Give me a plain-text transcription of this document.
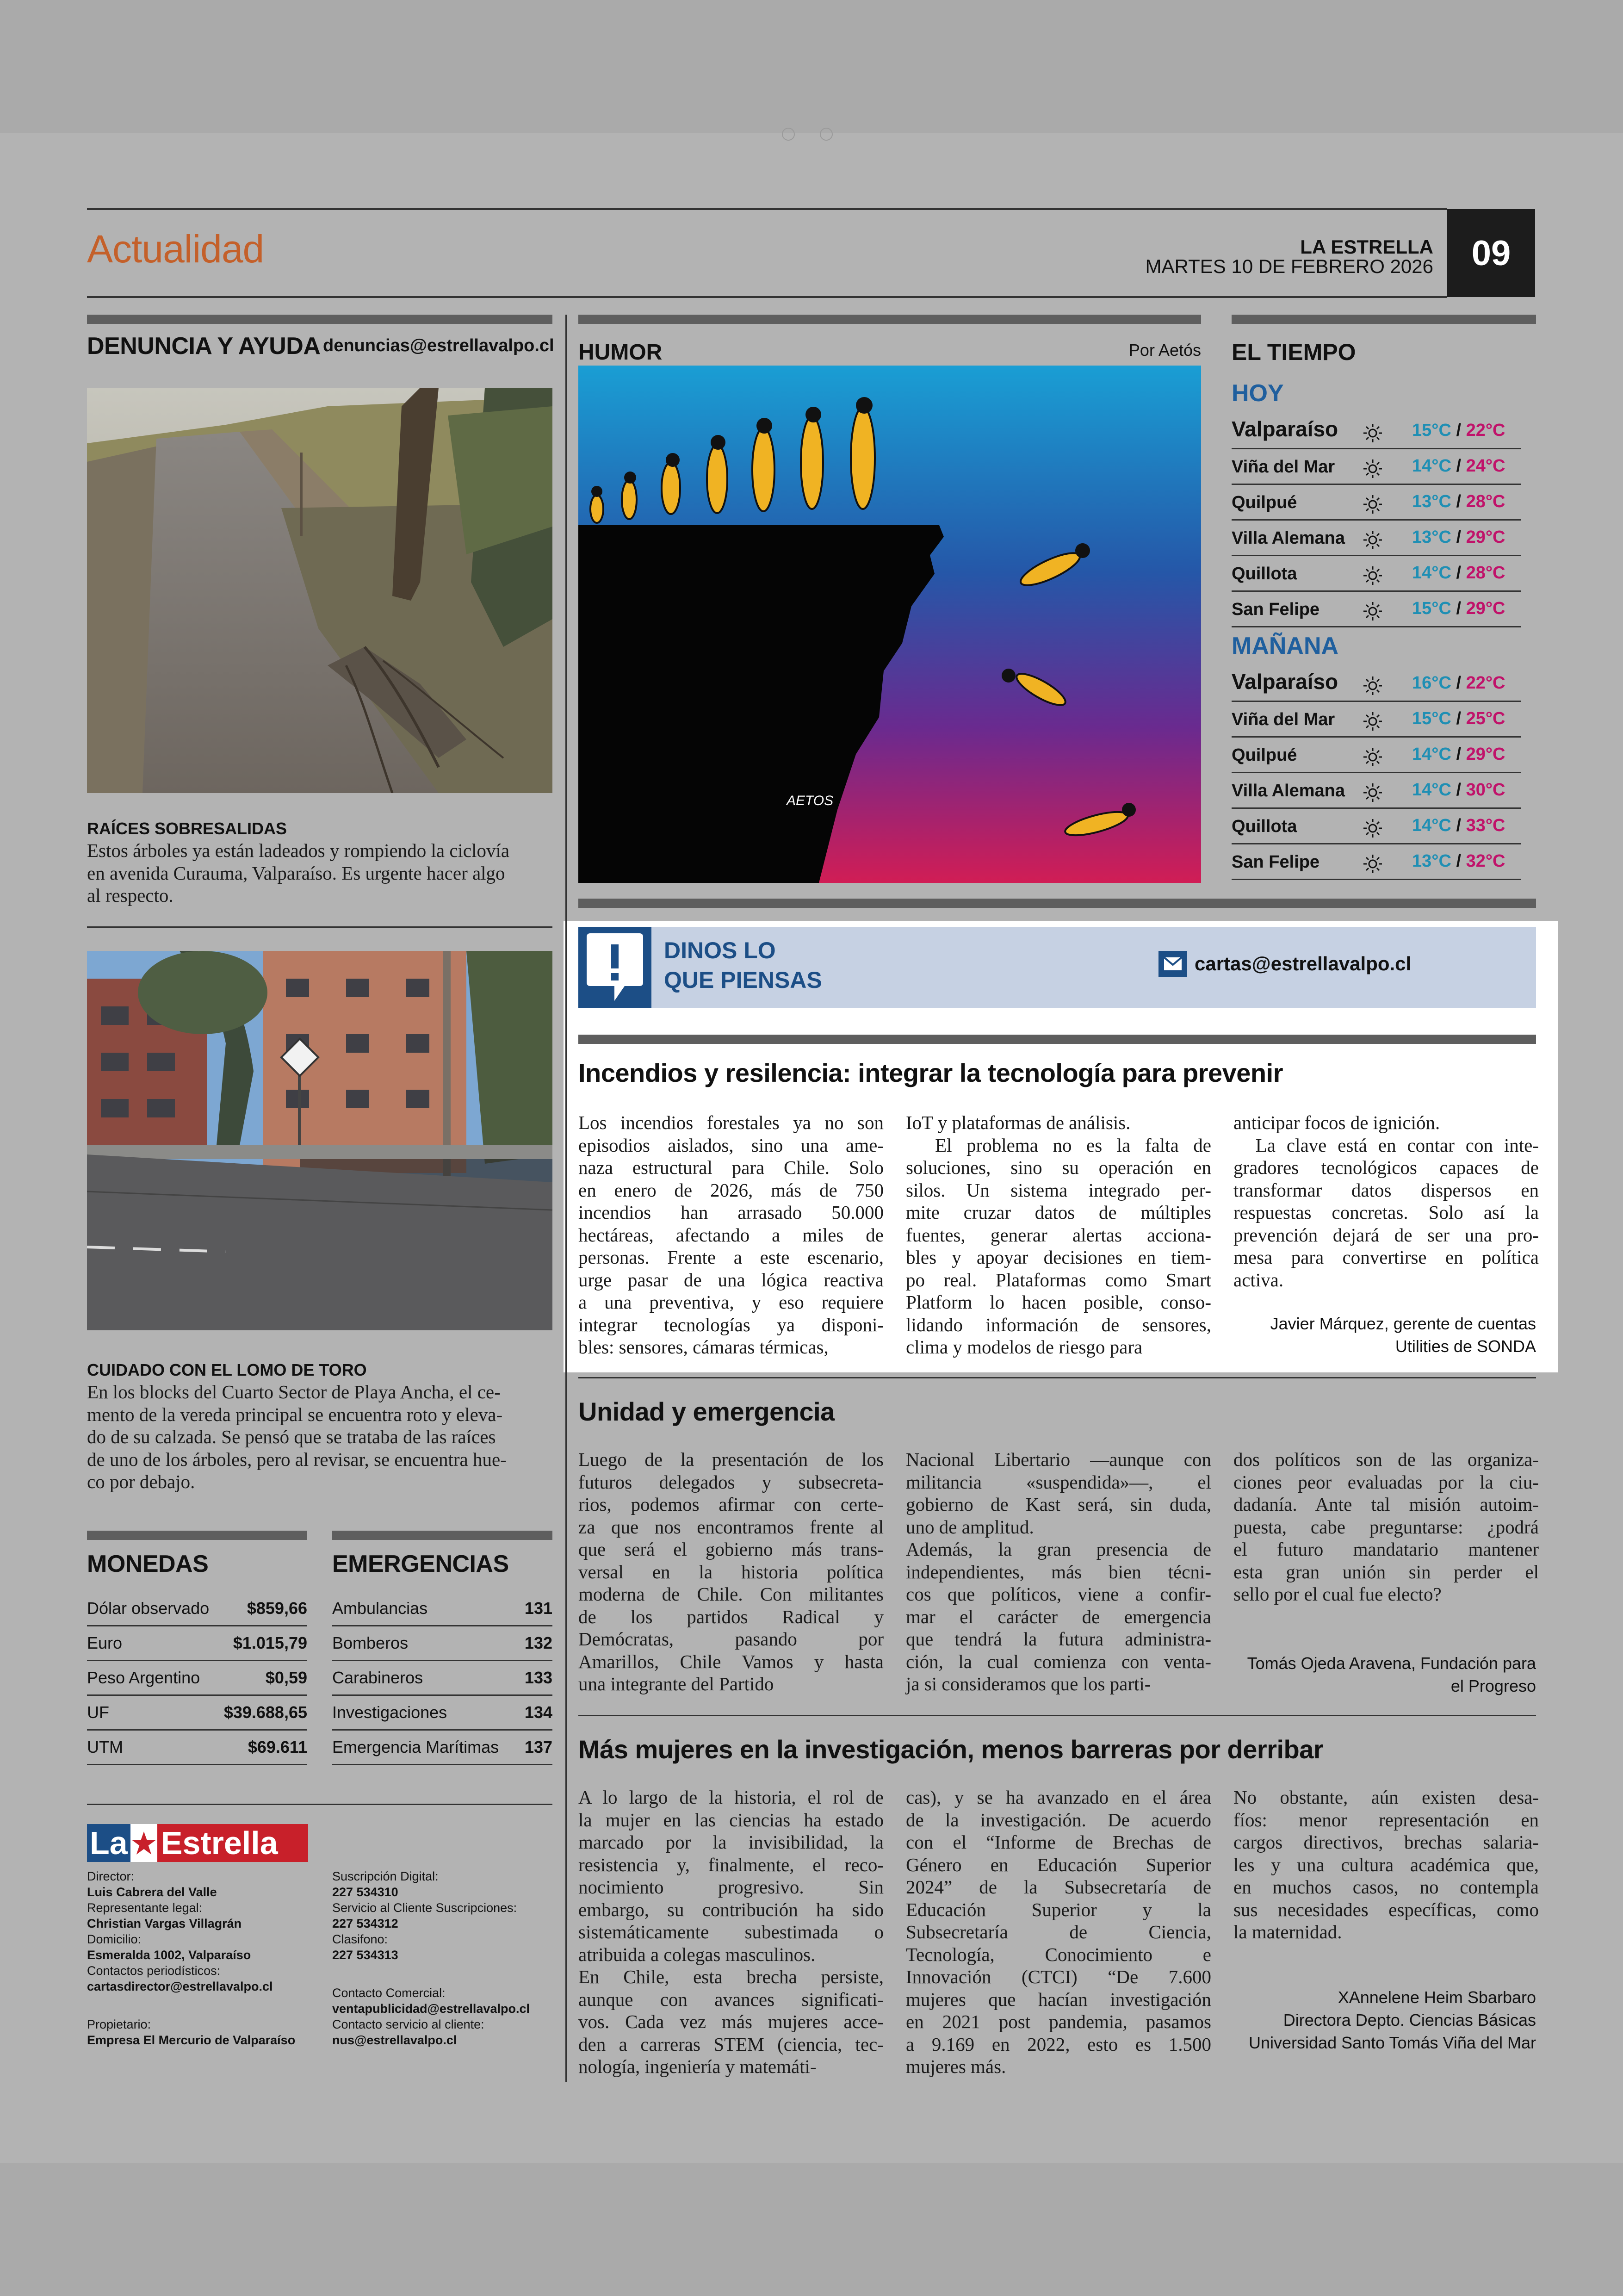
Actualidad	LA ESTRELLA
MARTES 10 DE FEBRERO 2026 09
DENUNCIA Y AYUDA denuncias@estrellavalpo.cl
RAÍCES SOBRESALIDAS

Estos árboles ya están ladeados y rompiendo la ciclovía

en avenida Curauma, Valparaíso. Es urgente hacer algo

al respecto.

CUIDADO CON EL LOMO DE TORO

En los blocks del Cuarto Sector de Playa Ancha, el ce-

mento de la vereda principal se encuentra roto y eleva-

do de su calzada. Se pensó que se trataba de las raíces

de uno de los árboles, pero al revisar, se encuentra hue-

co por debajo.

MONEDAS
Dólar observado $859,66
Euro	$1.015,79
Peso Argentino	$0,59
UF	$39.688,65
UTM	$69.611
EMERGENCIAS
Ambulancias	131
Bomberos	132
Carabineros	133
Investigaciones	134
Emergencia Marítimas 137
La Estrella
Director:
Luis Cabrera del Valle
Representante legal:
Christian Vargas Villagrán
Domicilio:
Esmeralda 1002, Valparaíso
Contactos periodísticos:
cartasdirector@estrellavalpo.cl
Propietario:
Empresa El Mercurio de Valparaíso
Suscripción Digital:
227 534310
Servicio al Cliente Suscripciones:
227 534312
Clasifono:
227 534313
Contacto Comercial:
ventapublicidad@estrellavalpo.cl
Contacto servicio al cliente:
nus@estrellavalpo.cl
HUMOR	Por Aetós
AETOS
EL TIEMPO
HOY
Valparaíso	15°C / 22°C
Viña del Mar	14°C / 24°C
Quilpué	13°C / 28°C
Villa Alemana	13°C / 29°C
Quillota	14°C / 28°C
San Felipe	15°C / 29°C
MAÑANA
Valparaíso	16°C / 22°C
Viña del Mar	15°C / 25°C
Quilpué	14°C / 29°C
Villa Alemana	14°C / 30°C
Quillota	14°C / 33°C
San Felipe	13°C / 32°C
DINOS LO
QUE PIENSAS
cartas@estrellavalpo.cl
Incendios y resilencia: integrar la tecnología para prevenir
Los incendios forestales ya no son
episodios aislados, sino una ame-
naza estructural para Chile. Solo
en enero de 2026, más de 750
incendios han arrasado 50.000
hectáreas, afectando a miles de
personas. Frente a este escenario,
urge pasar de una lógica reactiva
a una preventiva, y eso requiere
integrar tecnologías ya disponi-
bles: sensores, cámaras térmicas,
IoT y plataformas de análisis.
El problema no es la falta de
soluciones, sino su operación en
silos. Un sistema integrado per-
mite cruzar datos de múltiples
fuentes, generar alertas acciona-
bles y apoyar decisiones en tiem-
po real. Plataformas como Smart
Platform lo hacen posible, conso-
lidando información de sensores,
clima y modelos de riesgo para
anticipar focos de ignición.
La clave está en contar con inte-
gradores tecnológicos capaces de
transformar datos dispersos en
respuestas concretas. Solo así la
prevención dejará de ser una pro-
mesa para convertirse en política
activa.
Javier Márquez, gerente de cuentas
Utilities de SONDA
Unidad y emergencia
Luego de la presentación de los
futuros delegados y subsecreta-
rios, podemos afirmar con certe-
za que nos encontramos frente al
que será el gobierno más trans-
versal en la historia política
moderna de Chile. Con militantes
de los partidos Radical y
Demócratas, pasando por
Amarillos, Chile Vamos y hasta
una integrante del Partido
Nacional Libertario —aunque con
militancia «suspendida»—, el
gobierno de Kast será, sin duda,
uno de amplitud.
Además, la gran presencia de
independientes, más bien técni-
cos que políticos, viene a confir-
mar el carácter de emergencia
que tendrá la futura administra-
ción, la cual comienza con venta-
ja si consideramos que los parti-
dos políticos son de las organiza-
ciones peor evaluadas por la ciu-
dadanía. Ante tal misión autoim-
puesta, cabe preguntarse: ¿podrá
el futuro mandatario mantener
esta gran unión sin perder el
sello por el cual fue electo?
Tomás Ojeda Aravena, Fundación para
el Progreso
Más mujeres en la investigación, menos barreras por derribar
A lo largo de la historia, el rol de
la mujer en las ciencias ha estado
marcado por la invisibilidad, la
resistencia y, finalmente, el reco-
nocimiento progresivo. Sin
embargo, su contribución ha sido
sistemáticamente subestimada o
atribuida a colegas masculinos.
En Chile, esta brecha persiste,
aunque con avances significati-
vos. Cada vez más mujeres acce-
den a carreras STEM (ciencia, tec-
nología, ingeniería y matemáti-
cas), y se ha avanzado en el área
de la investigación. De acuerdo
con el “Informe de Brechas de
Género en Educación Superior
2024” de la Subsecretaría de
Educación Superior y la
Subsecretaría de Ciencia,
Tecnología, Conocimiento e
Innovación (CTCI) “De 7.600
mujeres que hacían investigación
en 2021 post pandemia, pasamos
a 9.169 en 2022, esto es 1.500
mujeres más.
No obstante, aún existen desa-
fíos: menor representación en
cargos directivos, brechas salaria-
les y una cultura académica que,
en muchos casos, no contempla
sus necesidades específicas, como
la maternidad.
XAnnelene Heim Sbarbaro
Directora Depto. Ciencias Básicas
Universidad Santo Tomás Viña del Mar
